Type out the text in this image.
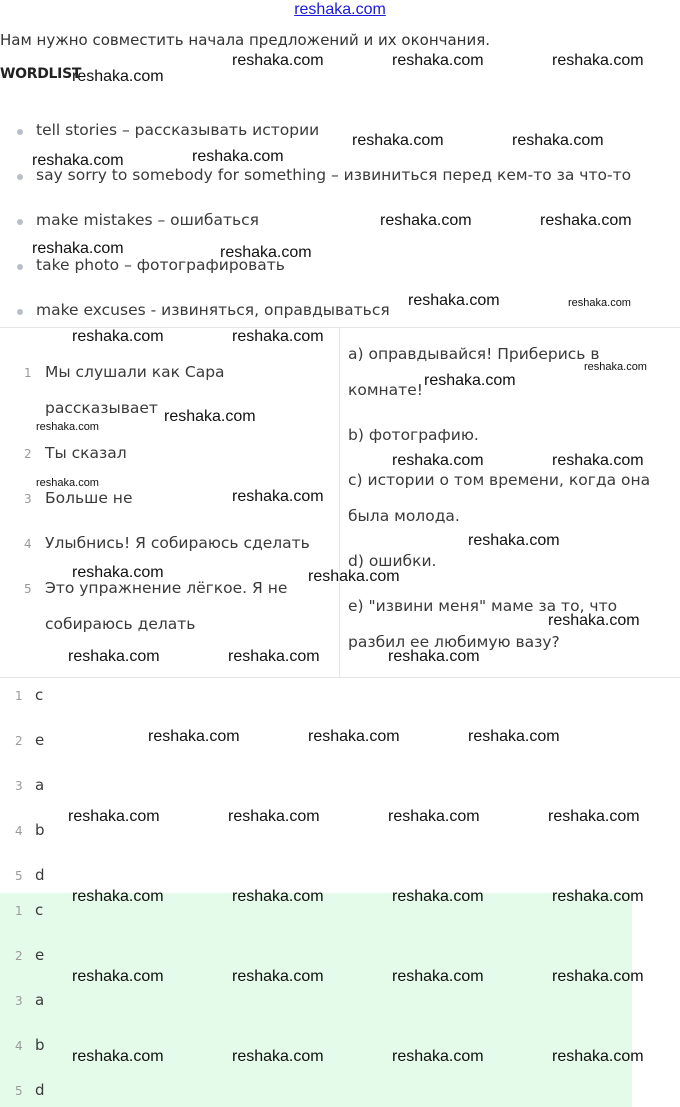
reshaka.com
Нам нужно совместить начала предложений и их окончания.
WORDLIST
tell stories – рассказывать истории
say sorry to somebody for something – извиниться перед кем-то за что-то
make mistakes – ошибаться
take photo – фотографировать
make excuses - извиняться, оправдываться
1 Мы слушали как Сара
рассказывает
2 Ты сказал
3 Больше не
4 Улыбнись! Я собираюсь сделать
5 Это упражнение лёгкое. Я не
собираюсь делать
а) оправдывайся! Приберись в
комнате!
b) фотографию.
с) истории о том времени, когда она
была молода.
d) ошибки.
е) "извини меня" маме за то, что
разбил ее любимую вазу?
1 c
2 e
3 a
4 b
5 d
1 c
2 e
3 a
4 b
5 d
reshaka.com
reshaka.com	reshaka.com	reshaka.com
reshaka.com	reshaka.com
reshaka.com	reshaka.com
reshaka.com	reshaka.com
reshaka.com	reshaka.com
reshaka.com	reshaka.com
reshaka.com	reshaka.com
reshaka.com
reshaka.com
reshaka.com
reshaka.com
reshaka.com	reshaka.com
reshaka.com
reshaka.com
reshaka.com
reshaka.com	reshaka.com
reshaka.com
reshaka.com	reshaka.com	reshaka.com
reshaka.com	reshaka.com	reshaka.com
reshaka.com	reshaka.com	reshaka.com	reshaka.com
reshaka.com	reshaka.com	reshaka.com	reshaka.com
reshaka.com	reshaka.com	reshaka.com	reshaka.com
reshaka.com	reshaka.com	reshaka.com	reshaka.com
